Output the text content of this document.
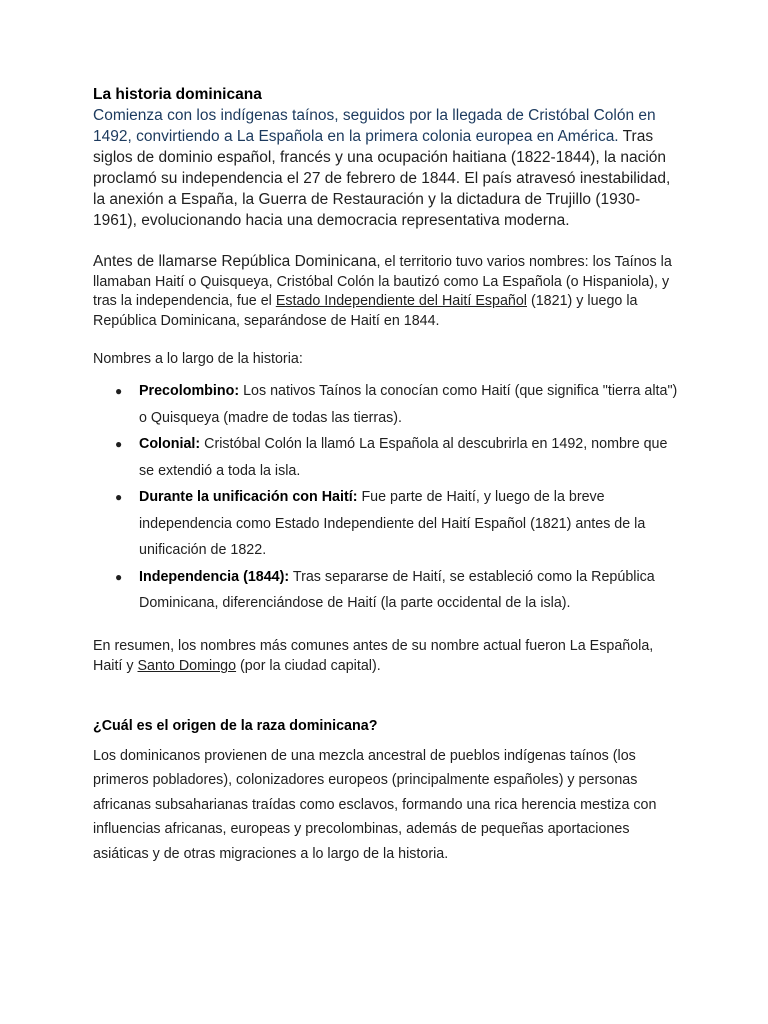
La historia dominicana

Comienza con los indígenas taínos, seguidos por la llegada de Cristóbal Colón en 1492, convirtiendo a La Española en la primera colonia europea en América. Tras siglos de dominio español, francés y una ocupación haitiana (1822-1844), la nación proclamó su independencia el 27 de febrero de 1844. El país atravesó inestabilidad, la anexión a España, la Guerra de Restauración y la dictadura de Trujillo (1930-1961), evolucionando hacia una democracia representativa moderna.

Antes de llamarse República Dominicana, el territorio tuvo varios nombres: los Taínos la llamaban Haití o Quisqueya, Cristóbal Colón la bautizó como La Española (o Hispaniola), y tras la independencia, fue el Estado Independiente del Haití Español (1821) y luego la República Dominicana, separándose de Haití en 1844.

Nombres a lo largo de la historia:

● Precolombino: Los nativos Taínos la conocían como Haití (que significa "tierra alta") o Quisqueya (madre de todas las tierras).
● Colonial: Cristóbal Colón la llamó La Española al descubrirla en 1492, nombre que se extendió a toda la isla.
● Durante la unificación con Haití: Fue parte de Haití, y luego de la breve independencia como Estado Independiente del Haití Español (1821) antes de la unificación de 1822.
● Independencia (1844): Tras separarse de Haití, se estableció como la República Dominicana, diferenciándose de Haití (la parte occidental de la isla).

En resumen, los nombres más comunes antes de su nombre actual fueron La Española, Haití y Santo Domingo (por la ciudad capital).

¿Cuál es el origen de la raza dominicana?

Los dominicanos provienen de una mezcla ancestral de pueblos indígenas taínos (los primeros pobladores), colonizadores europeos (principalmente españoles) y personas africanas subsaharianas traídas como esclavos, formando una rica herencia mestiza con influencias africanas, europeas y precolombinas, además de pequeñas aportaciones asiáticas y de otras migraciones a lo largo de la historia.
